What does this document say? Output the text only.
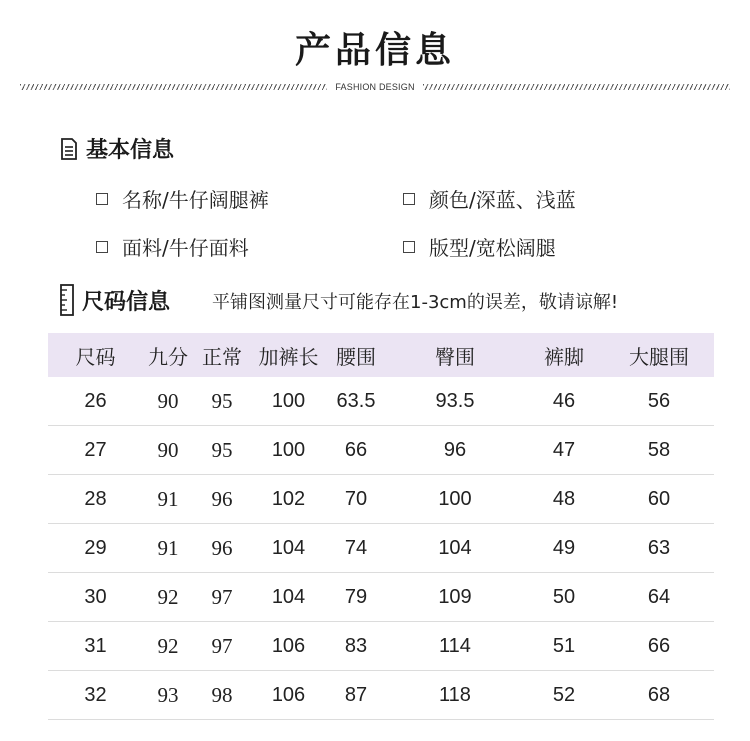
产品信息
FASHION DESIGN
基本信息
名称/牛仔阔腿裤	颜色/深蓝、浅蓝
面料/牛仔面料	版型/宽松阔腿
尺码信息 平铺图测量尺寸可能存在1-3cm的误差，敬请谅解!
尺码	九分	正常	加裤长	腰围	臀围	裤脚	大腿围
26	90	95	100	63.5	93.5	46	56
27	90	95	100	66	96	47	58
28	91	96	102	70	100	48	60
29	91	96	104	74	104	49	63
30	92	97	104	79	109	50	64
31	92	97	106	83	114	51	66
32	93	98	106	87	118	52	68
